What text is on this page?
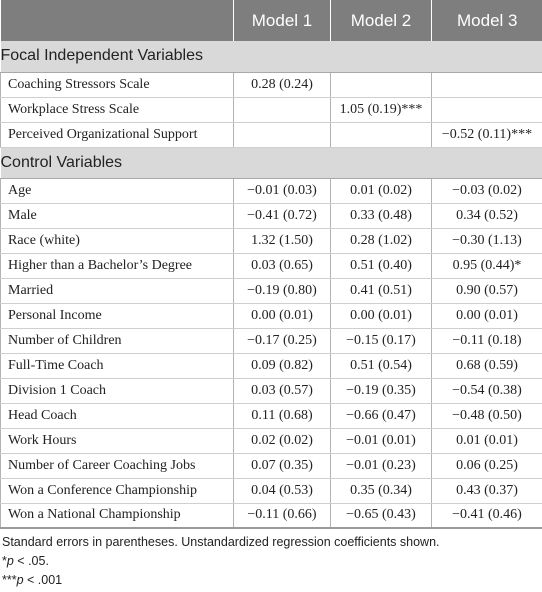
	Model 1	Model 2	Model 3
Focal Independent Variables			
Coaching Stressors Scale	0.28 (0.24)		
Workplace Stress Scale		1.05 (0.19)***	
Perceived Organizational Support			−0.52 (0.11)***
Control Variables			
Age	−0.01 (0.03)	0.01 (0.02)	−0.03 (0.02)
Male	−0.41 (0.72)	0.33 (0.48)	0.34 (0.52)
Race (white)	1.32 (1.50)	0.28 (1.02)	−0.30 (1.13)
Higher than a Bachelor’s Degree	0.03 (0.65)	0.51 (0.40)	0.95 (0.44)*
Married	−0.19 (0.80)	0.41 (0.51)	0.90 (0.57)
Personal Income	0.00 (0.01)	0.00 (0.01)	0.00 (0.01)
Number of Children	−0.17 (0.25)	−0.15 (0.17)	−0.11 (0.18)
Full-Time Coach	0.09 (0.82)	0.51 (0.54)	0.68 (0.59)
Division 1 Coach	0.03 (0.57)	−0.19 (0.35)	−0.54 (0.38)
Head Coach	0.11 (0.68)	−0.66 (0.47)	−0.48 (0.50)
Work Hours	0.02 (0.02)	−0.01 (0.01)	0.01 (0.01)
Number of Career Coaching Jobs	0.07 (0.35)	−0.01 (0.23)	0.06 (0.25)
Won a Conference Championship	0.04 (0.53)	0.35 (0.34)	0.43 (0.37)
Won a National Championship	−0.11 (0.66)	−0.65 (0.43)	−0.41 (0.46)
Standard errors in parentheses. Unstandardized regression coefficients shown.
*p < .05.
***p < .001
